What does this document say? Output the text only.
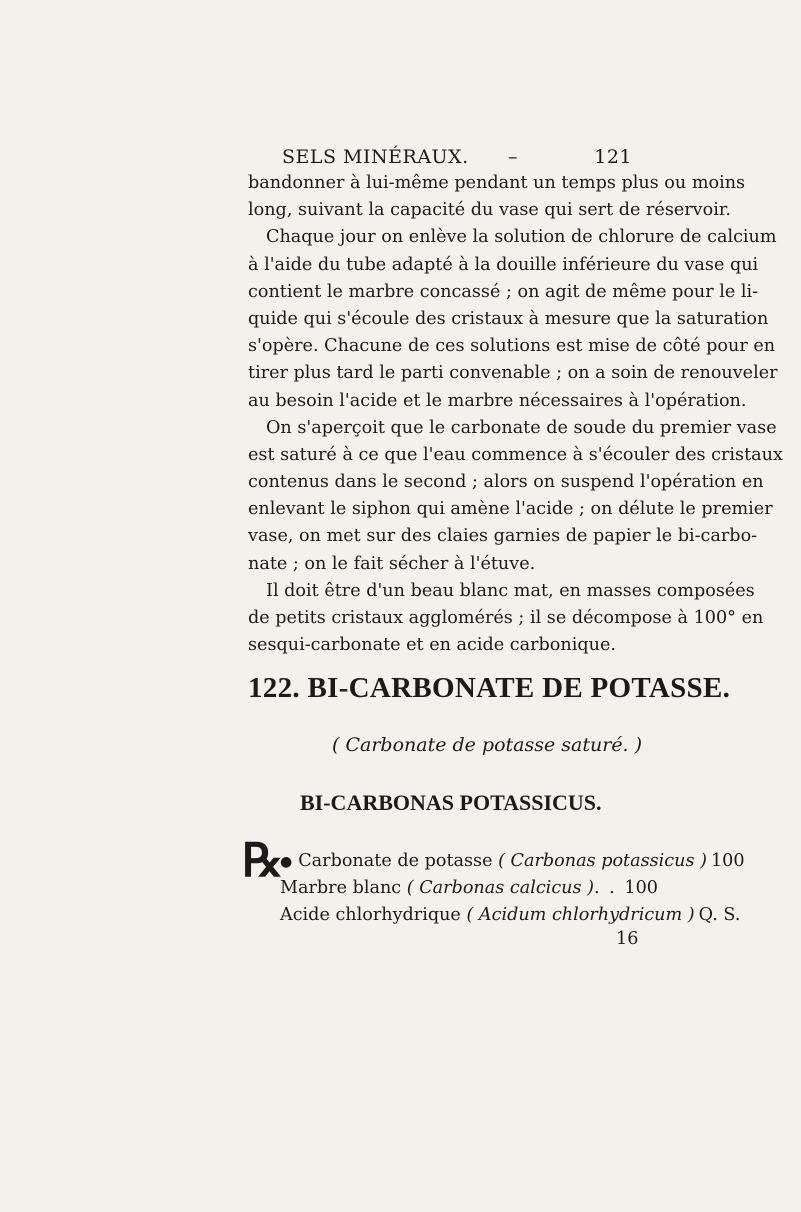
SELS MINÉRAUX. –	121
bandonner à lui-même pendant un temps plus ou moins
long, suivant la capacité du vase qui sert de réservoir.
Chaque jour on enlève la solution de chlorure de calcium
à l'aide du tube adapté à la douille inférieure du vase qui
contient le marbre concassé ; on agit de même pour le li-
quide qui s'écoule des cristaux à mesure que la saturation
s'opère. Chacune de ces solutions est mise de côté pour en
tirer plus tard le parti convenable ; on a soin de renouveler
au besoin l'acide et le marbre nécessaires à l'opération.
On s'aperçoit que le carbonate de soude du premier vase
est saturé à ce que l'eau commence à s'écouler des cristaux
contenus dans le second ; alors on suspend l'opération en
enlevant le siphon qui amène l'acide ; on délute le premier
vase, on met sur des claies garnies de papier le bi-carbo-
nate ; on le fait sécher à l'étuve.
Il doit être d'un beau blanc mat, en masses composées
de petits cristaux agglomérés ; il se décompose à 100° en
sesqui-carbonate et en acide carbonique.
122. BI-CARBONATE DE POTASSE.
( Carbonate de potasse saturé. )
BI-CARBONAS POTASSICUS.
℞
● Carbonate de potasse
( Carbonas potassicus ) 100
Marbre blanc
( Carbonas calcicus )
. . . 100
Acide chlorhydrique
( Acidum chlorhydricum ) Q. S.
16
